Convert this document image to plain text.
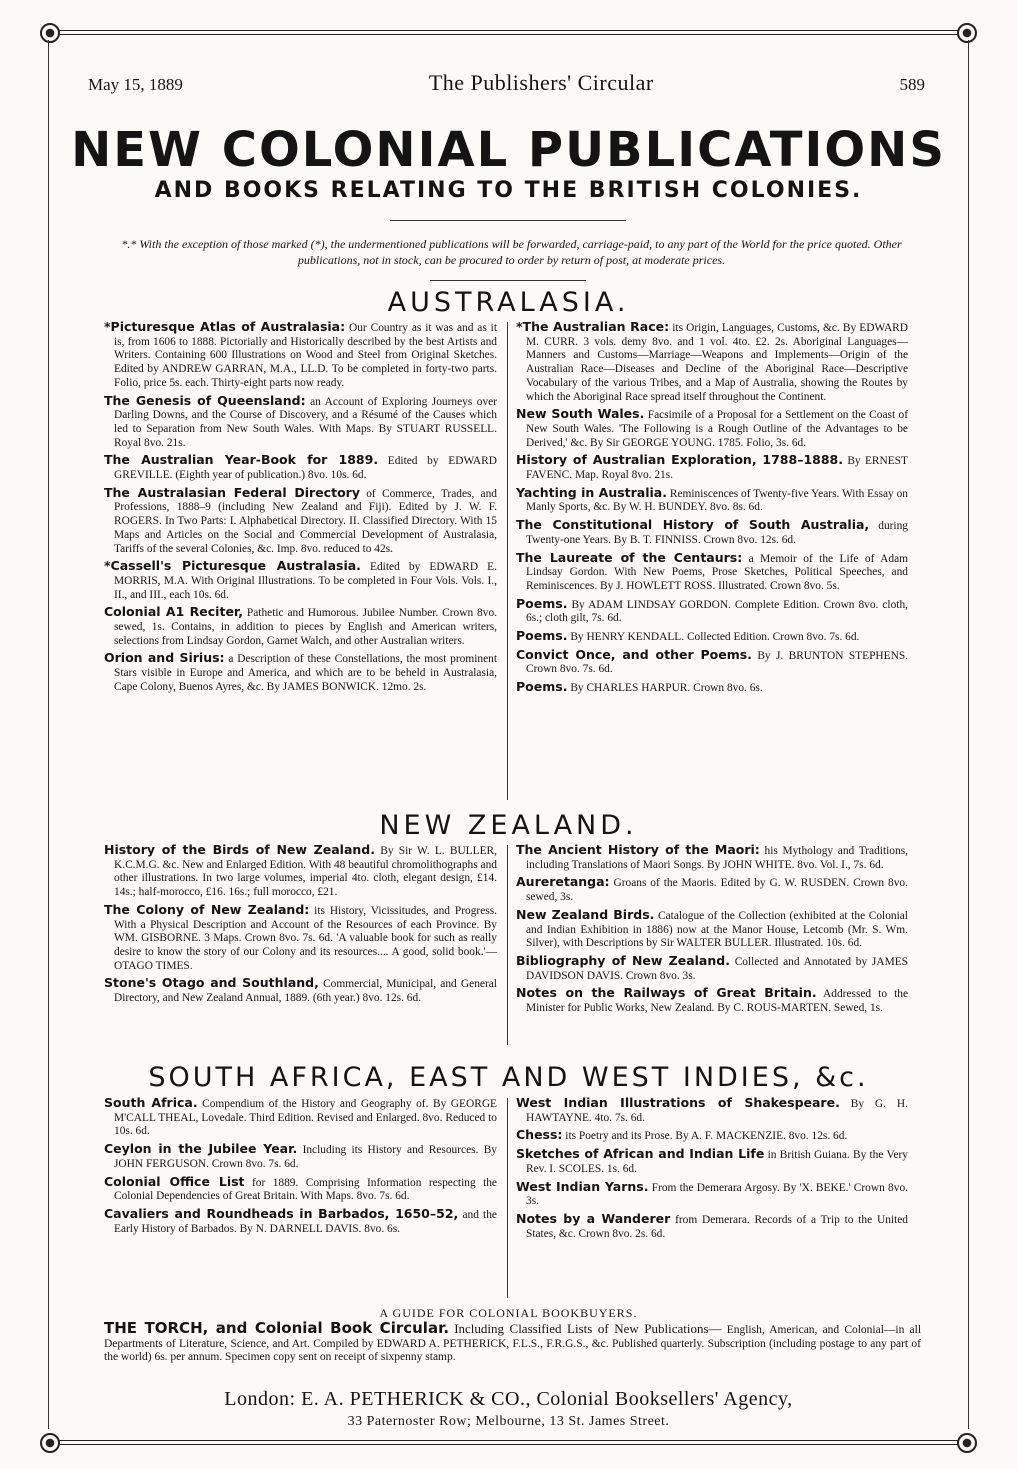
May 15, 1889	The Publishers' Circular	589
NEW COLONIAL PUBLICATIONS
AND BOOKS RELATING TO THE BRITISH COLONIES.
*.* With the exception of those marked (*), the undermentioned publications will be forwarded, carriage-paid, to any part of the World for the price quoted. Other publications, not in stock, can be procured to order by return of post, at moderate prices.
AUSTRALASIA.
*Picturesque Atlas of Australasia: Our Country as it was and as it is, from 1606 to 1888. Pictorially and Historically described by the best Artists and Writers. Containing 600 Illustrations on Wood and Steel from Original Sketches. Edited by ANDREW GARRAN, M.A., LL.D. To be completed in forty-two parts. Folio, price 5s. each. Thirty-eight parts now ready.
The Genesis of Queensland: an Account of Exploring Journeys over Darling Downs, and the Course of Discovery, and a Résumé of the Causes which led to Separation from New South Wales. With Maps. By STUART RUSSELL. Royal 8vo. 21s.
The Australian Year-Book for 1889. Edited by EDWARD GREVILLE. (Eighth year of publication.) 8vo. 10s. 6d.
The Australasian Federal Directory of Commerce, Trades, and Professions, 1888–9 (including New Zealand and Fiji). Edited by J. W. F. ROGERS. In Two Parts: I. Alphabetical Directory. II. Classified Directory. With 15 Maps and Articles on the Social and Commercial Development of Australasia, Tariffs of the several Colonies, &c. Imp. 8vo. reduced to 42s.
*Cassell's Picturesque Australasia. Edited by EDWARD E. MORRIS, M.A. With Original Illustrations. To be completed in Four Vols. Vols. I., II., and III., each 10s. 6d.
Colonial A1 Reciter, Pathetic and Humorous. Jubilee Number. Crown 8vo. sewed, 1s. Contains, in addition to pieces by English and American writers, selections from Lindsay Gordon, Garnet Walch, and other Australian writers.
Orion and Sirius: a Description of these Constellations, the most prominent Stars visible in Europe and America, and which are to be beheld in Australasia, Cape Colony, Buenos Ayres, &c. By JAMES BONWICK. 12mo. 2s.
*The Australian Race: its Origin, Languages, Customs, &c. By EDWARD M. CURR. 3 vols. demy 8vo. and 1 vol. 4to. £2. 2s. Aboriginal Languages—Manners and Customs—Marriage—Weapons and Implements—Origin of the Australian Race—Diseases and Decline of the Aboriginal Race—Descriptive Vocabulary of the various Tribes, and a Map of Australia, showing the Routes by which the Aboriginal Race spread itself throughout the Continent.
New South Wales. Facsimile of a Proposal for a Settlement on the Coast of New South Wales. 'The Following is a Rough Outline of the Advantages to be Derived,' &c. By Sir GEORGE YOUNG. 1785. Folio, 3s. 6d.
History of Australian Exploration, 1788–1888. By ERNEST FAVENC. Map. Royal 8vo. 21s.
Yachting in Australia. Reminiscences of Twenty-five Years. With Essay on Manly Sports, &c. By W. H. BUNDEY. 8vo. 8s. 6d.
The Constitutional History of South Australia, during Twenty-one Years. By B. T. FINNISS. Crown 8vo. 12s. 6d.
The Laureate of the Centaurs: a Memoir of the Life of Adam Lindsay Gordon. With New Poems, Prose Sketches, Political Speeches, and Reminiscences. By J. HOWLETT ROSS. Illustrated. Crown 8vo. 5s.
Poems. By ADAM LINDSAY GORDON. Complete Edition. Crown 8vo. cloth, 6s.; cloth gilt, 7s. 6d.
Poems. By HENRY KENDALL. Collected Edition. Crown 8vo. 7s. 6d.
Convict Once, and other Poems. By J. BRUNTON STEPHENS. Crown 8vo. 7s. 6d.
Poems. By CHARLES HARPUR. Crown 8vo. 6s.
NEW ZEALAND.
History of the Birds of New Zealand. By Sir W. L. BULLER, K.C.M.G. &c. New and Enlarged Edition. With 48 beautiful chromolithographs and other illustrations. In two large volumes, imperial 4to. cloth, elegant design, £14. 14s.; half-morocco, £16. 16s.; full morocco, £21.
The Colony of New Zealand: its History, Vicissitudes, and Progress. With a Physical Description and Account of the Resources of each Province. By WM. GISBORNE. 3 Maps. Crown 8vo. 7s. 6d. 'A valuable book for such as really desire to know the story of our Colony and its resources.... A good, solid book.'—OTAGO TIMES.
Stone's Otago and Southland, Commercial, Municipal, and General Directory, and New Zealand Annual, 1889. (6th year.) 8vo. 12s. 6d.
The Ancient History of the Maori: his Mythology and Traditions, including Translations of Maori Songs. By JOHN WHITE. 8vo. Vol. I., 7s. 6d.
Aureretanga: Groans of the Maoris. Edited by G. W. RUSDEN. Crown 8vo. sewed, 3s.
New Zealand Birds. Catalogue of the Collection (exhibited at the Colonial and Indian Exhibition in 1886) now at the Manor House, Letcomb (Mr. S. Wm. Silver), with Descriptions by Sir WALTER BULLER. Illustrated. 10s. 6d.
Bibliography of New Zealand. Collected and Annotated by JAMES DAVIDSON DAVIS. Crown 8vo. 3s.
Notes on the Railways of Great Britain. Addressed to the Minister for Public Works, New Zealand. By C. ROUS-MARTEN. Sewed, 1s.
SOUTH AFRICA, EAST AND WEST INDIES, &c.
South Africa. Compendium of the History and Geography of. By GEORGE M'CALL THEAL, Lovedale. Third Edition. Revised and Enlarged. 8vo. Reduced to 10s. 6d.
Ceylon in the Jubilee Year. Including its History and Resources. By JOHN FERGUSON. Crown 8vo. 7s. 6d.
Colonial Office List for 1889. Comprising Information respecting the Colonial Dependencies of Great Britain. With Maps. 8vo. 7s. 6d.
Cavaliers and Roundheads in Barbados, 1650–52, and the Early History of Barbados. By N. DARNELL DAVIS. 8vo. 6s.
West Indian Illustrations of Shakespeare. By G. H. HAWTAYNE. 4to. 7s. 6d.
Chess: its Poetry and its Prose. By A. F. MACKENZIE. 8vo. 12s. 6d.
Sketches of African and Indian Life in British Guiana. By the Very Rev. I. SCOLES. 1s. 6d.
West Indian Yarns. From the Demerara Argosy. By 'X. BEKE.' Crown 8vo. 3s.
Notes by a Wanderer from Demerara. Records of a Trip to the United States, &c. Crown 8vo. 2s. 6d.
A GUIDE FOR COLONIAL BOOKBUYERS.
THE TORCH, and Colonial Book Circular. Including Classified Lists of New Publications— English, American, and Colonial—in all Departments of Literature, Science, and Art. Compiled by EDWARD A. PETHERICK, F.L.S., F.R.G.S., &c. Published quarterly. Subscription (including postage to any part of the world) 6s. per annum. Specimen copy sent on receipt of sixpenny stamp.
London: E. A. PETHERICK & CO., Colonial Booksellers' Agency,
33 Paternoster Row; Melbourne, 13 St. James Street.
